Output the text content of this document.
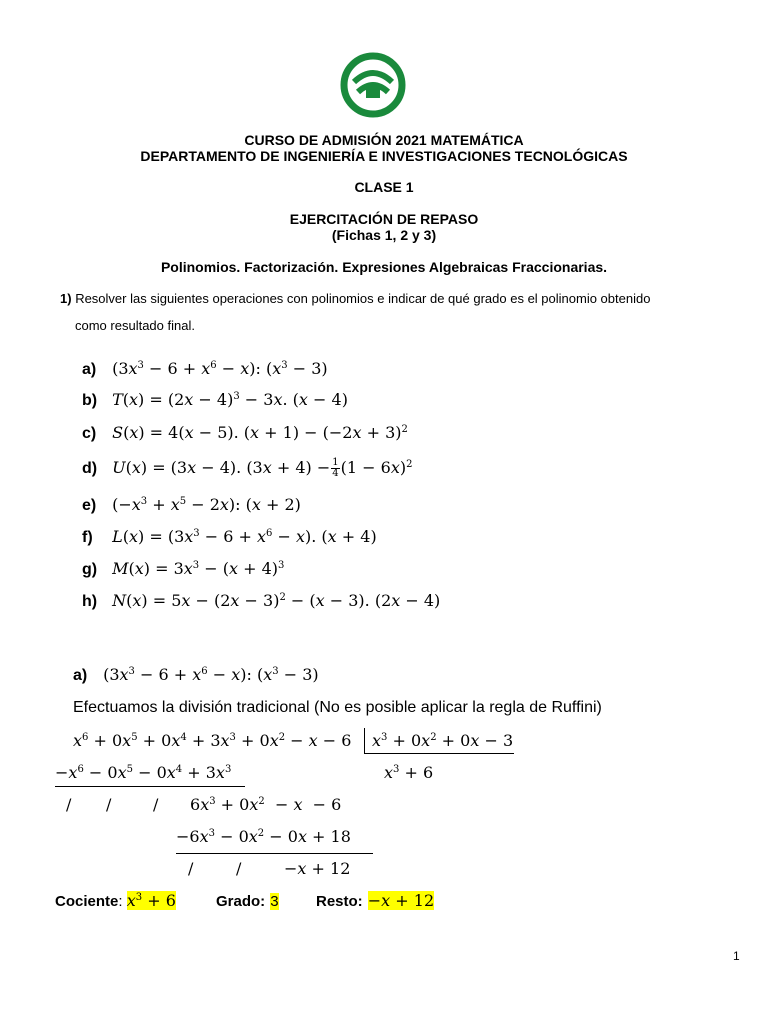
CURSO DE ADMISIÓN 2021 MATEMÁTICA
DEPARTAMENTO DE INGENIERÍA E INVESTIGACIONES TECNOLÓGICAS
CLASE 1
EJERCITACIÓN DE REPASO
(Fichas 1, 2 y 3)
Polinomios. Factorización. Expresiones Algebraicas Fraccionarias.
1) Resolver las siguientes operaciones con polinomios e indicar de qué grado es el polinomio obtenido
como resultado final.
a) $(3x^3 - 6 + x^6 - x)$: $(x^3 - 3)$
b) $T(x) = (2x - 4)^3 - 3x$. (x − 4)
c) S(x) = 4(x − 5). $(x + 1) - (-2x + 3)^2$
d) U(x) = (3x − 4). $(3x + 4) - \frac{1}{4} (1 - 6x)^2$
e) $(-x^3 + x^5 - 2x)$: (x + 2)
f) $L(x) = (3x^3 - 6 + x^6 - x)$. (x + 4)
g) $M(x) = 3x^3 - (x + 4)^3$
h) $N(x) = 5x - (2x - 3)^2 - (x - 3)$. (2x − 4)
a) $(3x^3 - 6 + x^6 - x)$: $(x^3 - 3)$
Efectuamos la división tradicional (No es posible aplicar la regla de Ruffini)
$x^6 + 0x^5 + 0x^4 + 3x^3 + 0x^2 - x - 6$ $x^3 + 0x^2 + 0x - 3$
$x^3 + 6$
$-x^6 - 0x^5 - 0x^4 + 3x^3$
/ /	/ $6x^3 + 0x^2 - x - 6$
$-6x^3 - 0x^2 - 0x + 18$
/	/	−x + 12
Cociente: $x^3 + 6$	Grado: 3 Resto: −x + 12
1
